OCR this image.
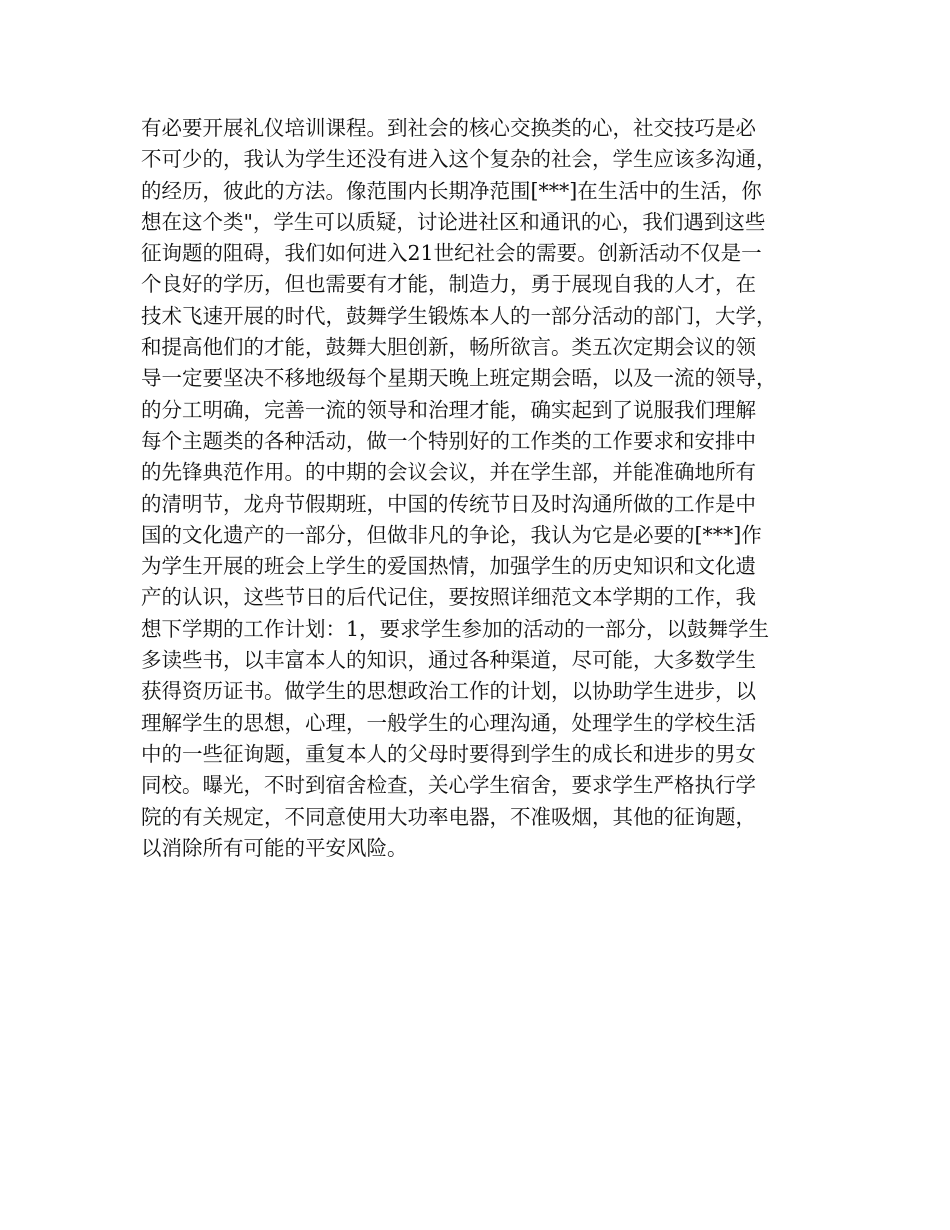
有必要开展礼仪培训课程。到社会的核心交换类的心，社交技巧是必
不可少的，我认为学生还没有进入这个复杂的社会，学生应该多沟通，
的经历，彼此的方法。像范围内长期净范围[***]在生活中的生活，你
想在这个类"，学生可以质疑，讨论进社区和通讯的心，我们遇到这些
征询题的阻碍，我们如何进入21世纪社会的需要。创新活动不仅是一
个良好的学历，但也需要有才能，制造力，勇于展现自我的人才，在
技术飞速开展的时代，鼓舞学生锻炼本人的一部分活动的部门，大学，
和提高他们的才能，鼓舞大胆创新，畅所欲言。类五次定期会议的领
导一定要坚决不移地级每个星期天晚上班定期会晤，以及一流的领导，
的分工明确，完善一流的领导和治理才能，确实起到了说服我们理解
每个主题类的各种活动，做一个特别好的工作类的工作要求和安排中
的先锋典范作用。的中期的会议会议，并在学生部，并能准确地所有
的清明节，龙舟节假期班，中国的传统节日及时沟通所做的工作是中
国的文化遗产的一部分，但做非凡的争论，我认为它是必要的[***]作
为学生开展的班会上学生的爱国热情，加强学生的历史知识和文化遗
产的认识，这些节日的后代记住，要按照详细范文本学期的工作，我
想下学期的工作计划：1，要求学生参加的活动的一部分，以鼓舞学生
多读些书，以丰富本人的知识，通过各种渠道，尽可能，大多数学生
获得资历证书。做学生的思想政治工作的计划，以协助学生进步，以
理解学生的思想，心理，一般学生的心理沟通，处理学生的学校生活
中的一些征询题，重复本人的父母时要得到学生的成长和进步的男女
同校。曝光，不时到宿舍检查，关心学生宿舍，要求学生严格执行学
院的有关规定，不同意使用大功率电器，不准吸烟，其他的征询题，
以消除所有可能的平安风险。
